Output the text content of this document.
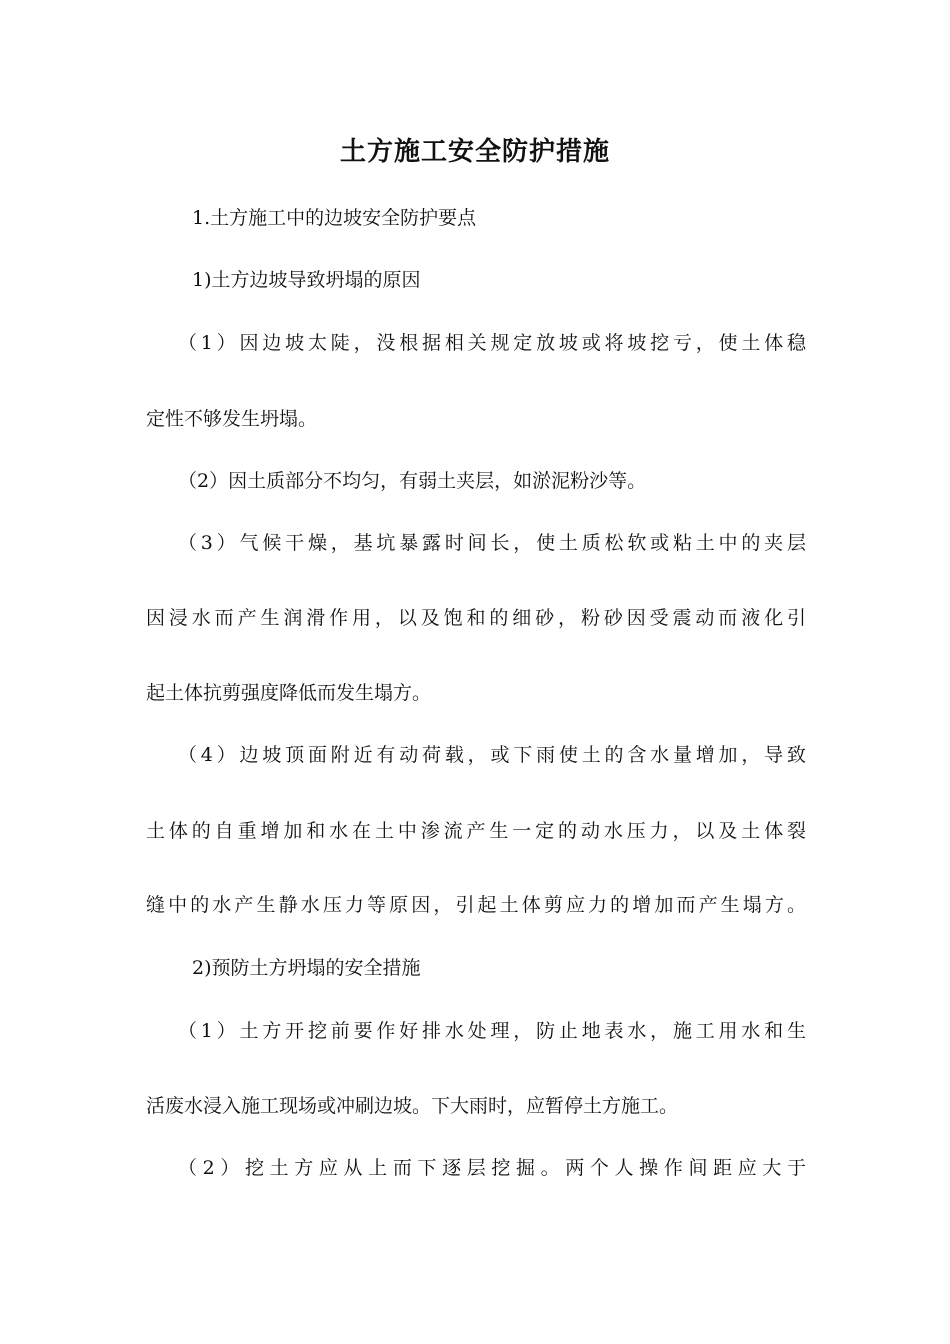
土方施工安全防护措施

1.土方施工中的边坡安全防护要点

1)土方边坡导致坍塌的原因

（1）因边坡太陡，没根据相关规定放坡或将坡挖亏，使土体稳

定性不够发生坍塌。

（2）因土质部分不均匀，有弱土夹层，如淤泥粉沙等。

（3）气候干燥，基坑暴露时间长，使土质松软或粘土中的夹层

因浸水而产生润滑作用，以及饱和的细砂，粉砂因受震动而液化引

起土体抗剪强度降低而发生塌方。

（4）边坡顶面附近有动荷载，或下雨使土的含水量增加，导致

土体的自重增加和水在土中渗流产生一定的动水压力，以及土体裂

缝中的水产生静水压力等原因，引起土体剪应力的增加而产生塌方。

2)预防土方坍塌的安全措施

（1）土方开挖前要作好排水处理，防止地表水，施工用水和生

活废水浸入施工现场或冲刷边坡。下大雨时，应暂停土方施工。

（2）挖土方应从上而下逐层挖掘。两个人操作间距应大于
